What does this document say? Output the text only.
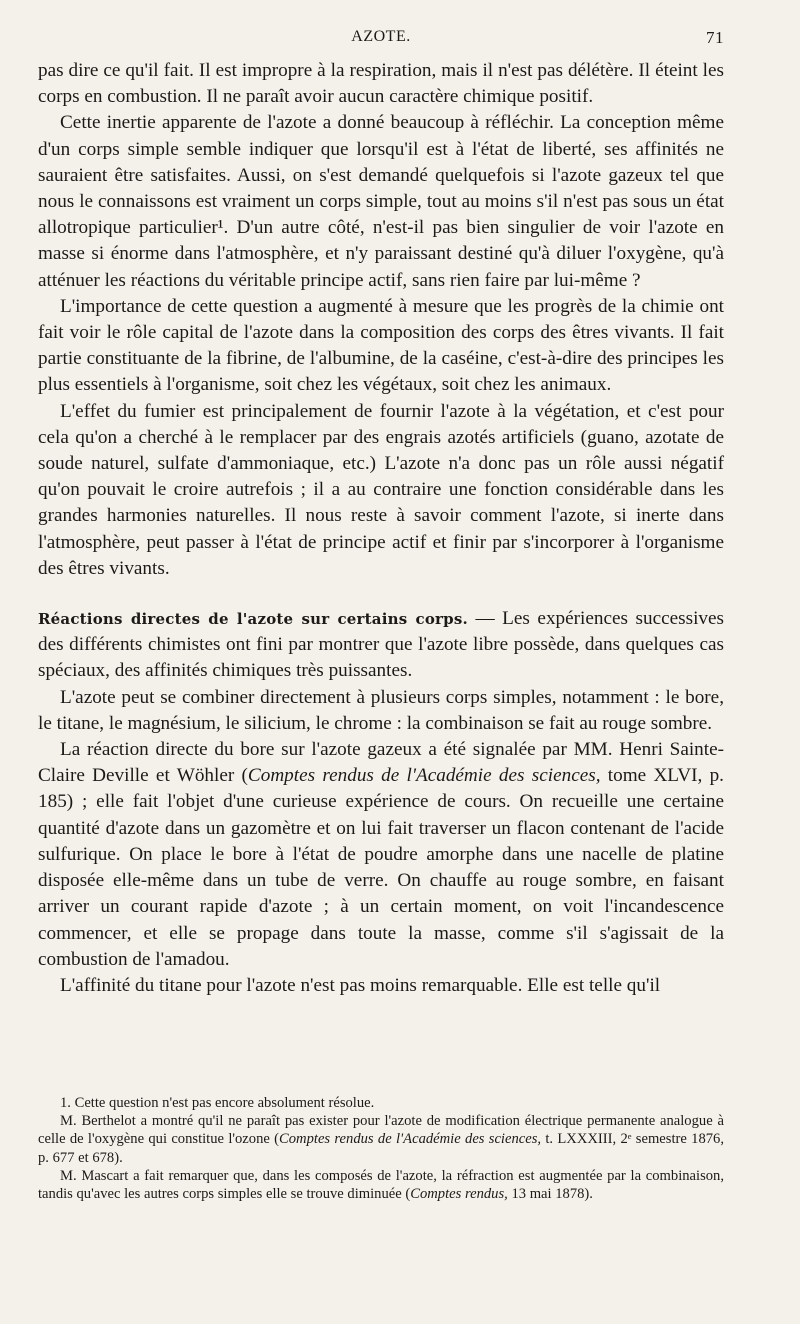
AZOTE.	71

pas dire ce qu'il fait. Il est impropre à la respiration, mais il n'est pas délétère. Il éteint les corps en combustion. Il ne paraît avoir aucun caractère chimique positif.

Cette inertie apparente de l'azote a donné beaucoup à réfléchir. La conception même d'un corps simple semble indiquer que lorsqu'il est à l'état de liberté, ses affinités ne sauraient être satisfaites. Aussi, on s'est demandé quelquefois si l'azote gazeux tel que nous le connaissons est vraiment un corps simple, tout au moins s'il n'est pas sous un état allotropique particulier¹. D'un autre côté, n'est-il pas bien singulier de voir l'azote en masse si énorme dans l'atmosphère, et n'y paraissant destiné qu'à diluer l'oxygène, qu'à atténuer les réactions du véritable principe actif, sans rien faire par lui-même ?

L'importance de cette question a augmenté à mesure que les progrès de la chimie ont fait voir le rôle capital de l'azote dans la composition des corps des êtres vivants. Il fait partie constituante de la fibrine, de l'albumine, de la caséine, c'est-à-dire des principes les plus essentiels à l'organisme, soit chez les végétaux, soit chez les animaux.

L'effet du fumier est principalement de fournir l'azote à la végétation, et c'est pour cela qu'on a cherché à le remplacer par des engrais azotés artificiels (guano, azotate de soude naturel, sulfate d'ammoniaque, etc.) L'azote n'a donc pas un rôle aussi négatif qu'on pouvait le croire autrefois ; il a au contraire une fonction considérable dans les grandes harmonies naturelles. Il nous reste à savoir comment l'azote, si inerte dans l'atmosphère, peut passer à l'état de principe actif et finir par s'incorporer à l'organisme des êtres vivants.

Réactions directes de l'azote sur certains corps. — Les expériences successives des différents chimistes ont fini par montrer que l'azote libre possède, dans quelques cas spéciaux, des affinités chimiques très puissantes.

L'azote peut se combiner directement à plusieurs corps simples, notamment : le bore, le titane, le magnésium, le silicium, le chrome : la combinaison se fait au rouge sombre.

La réaction directe du bore sur l'azote gazeux a été signalée par MM. Henri Sainte-Claire Deville et Wöhler (Comptes rendus de l'Académie des sciences, tome XLVI, p. 185) ; elle fait l'objet d'une curieuse expérience de cours. On recueille une certaine quantité d'azote dans un gazomètre et on lui fait traverser un flacon contenant de l'acide sulfurique. On place le bore à l'état de poudre amorphe dans une nacelle de platine disposée elle-même dans un tube de verre. On chauffe au rouge sombre, en faisant arriver un courant rapide d'azote ; à un certain moment, on voit l'incandescence commencer, et elle se propage dans toute la masse, comme s'il s'agissait de la combustion de l'amadou.

L'affinité du titane pour l'azote n'est pas moins remarquable. Elle est telle qu'il

1. Cette question n'est pas encore absolument résolue.

M. Berthelot a montré qu'il ne paraît pas exister pour l'azote de modification électrique permanente analogue à celle de l'oxygène qui constitue l'ozone (Comptes rendus de l'Académie des sciences, t. LXXXIII, 2ᵉ semestre 1876, p. 677 et 678).

M. Mascart a fait remarquer que, dans les composés de l'azote, la réfraction est augmentée par la combinaison, tandis qu'avec les autres corps simples elle se trouve diminuée (Comptes rendus, 13 mai 1878).
